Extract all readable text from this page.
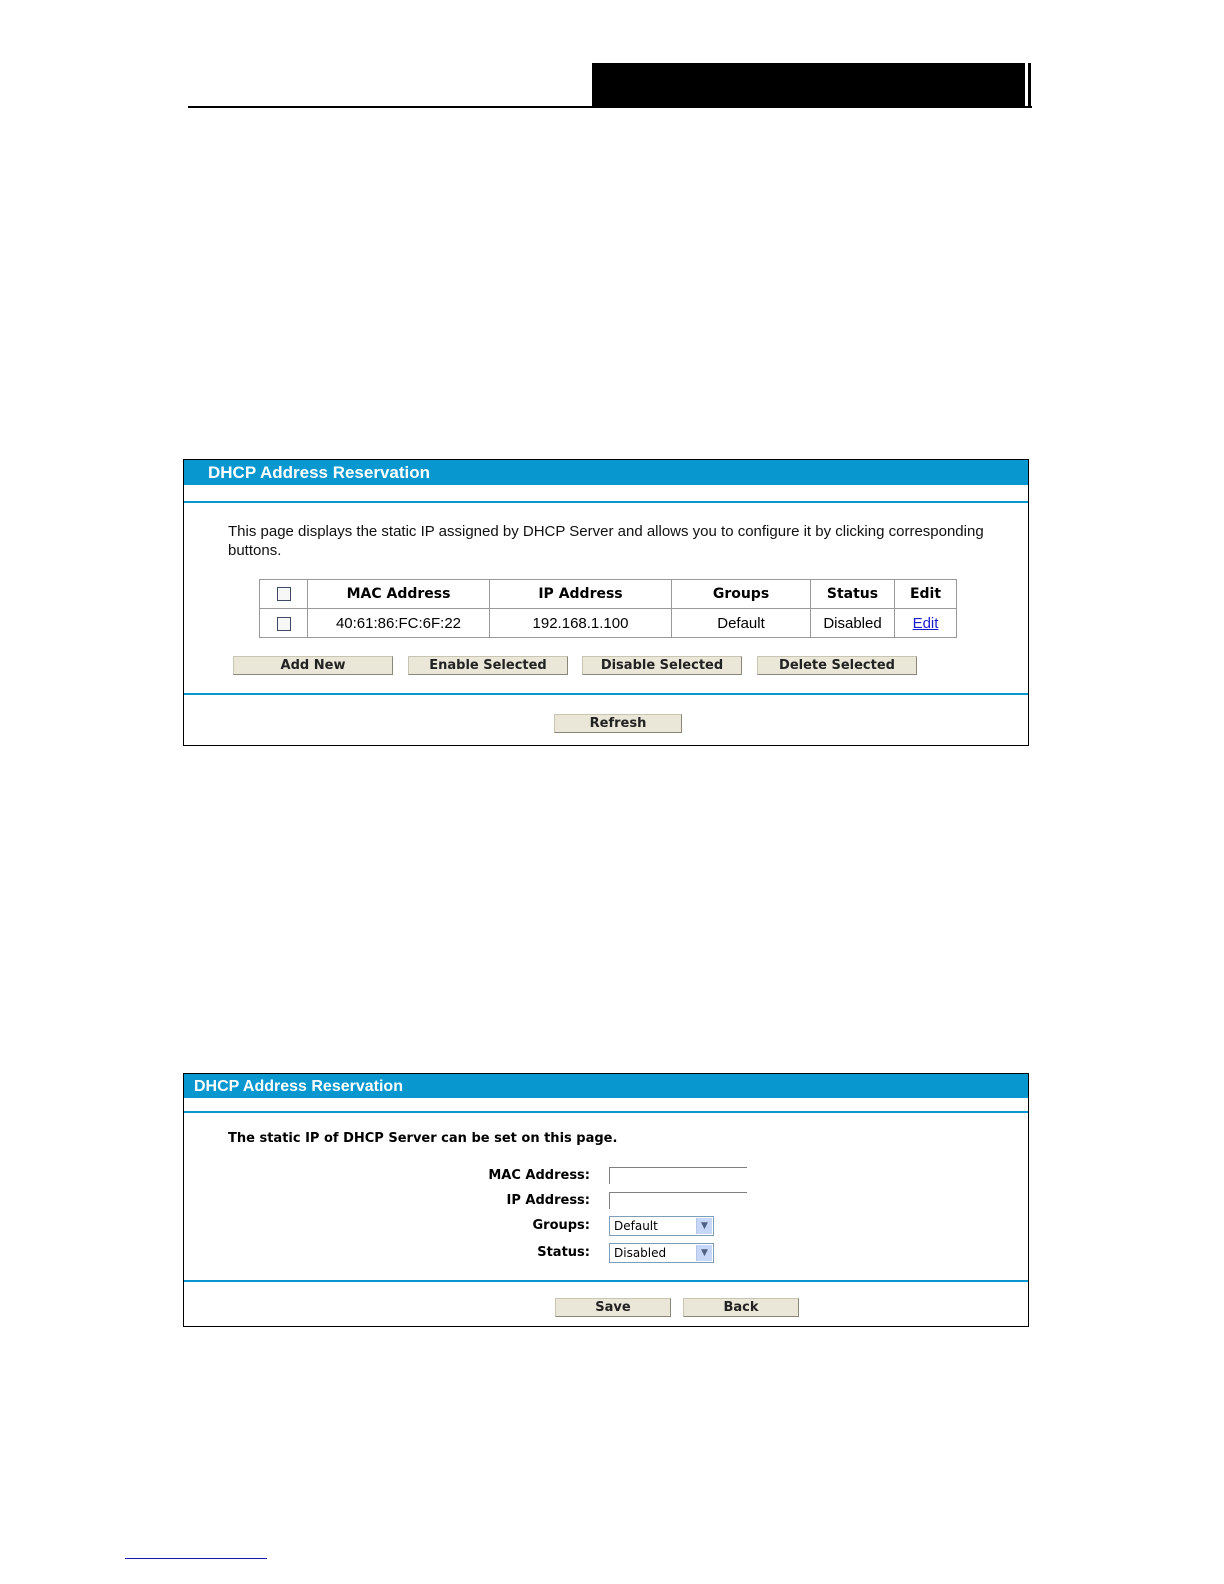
DHCP Address Reservation
This page displays the static IP assigned by DHCP Server and allows you to configure it by clicking corresponding buttons.
	MAC Address	IP Address	Groups	Status	Edit
	40:61:86:FC:6F:22	192.168.1.100	Default	Disabled	Edit
Add New	Enable Selected	Disable Selected	Delete Selected
Refresh
DHCP Address Reservation
The static IP of DHCP Server can be set on this page.
MAC Address:
IP Address:
Groups:	Default	▼
Status:	Disabled	▼
Save	Back
